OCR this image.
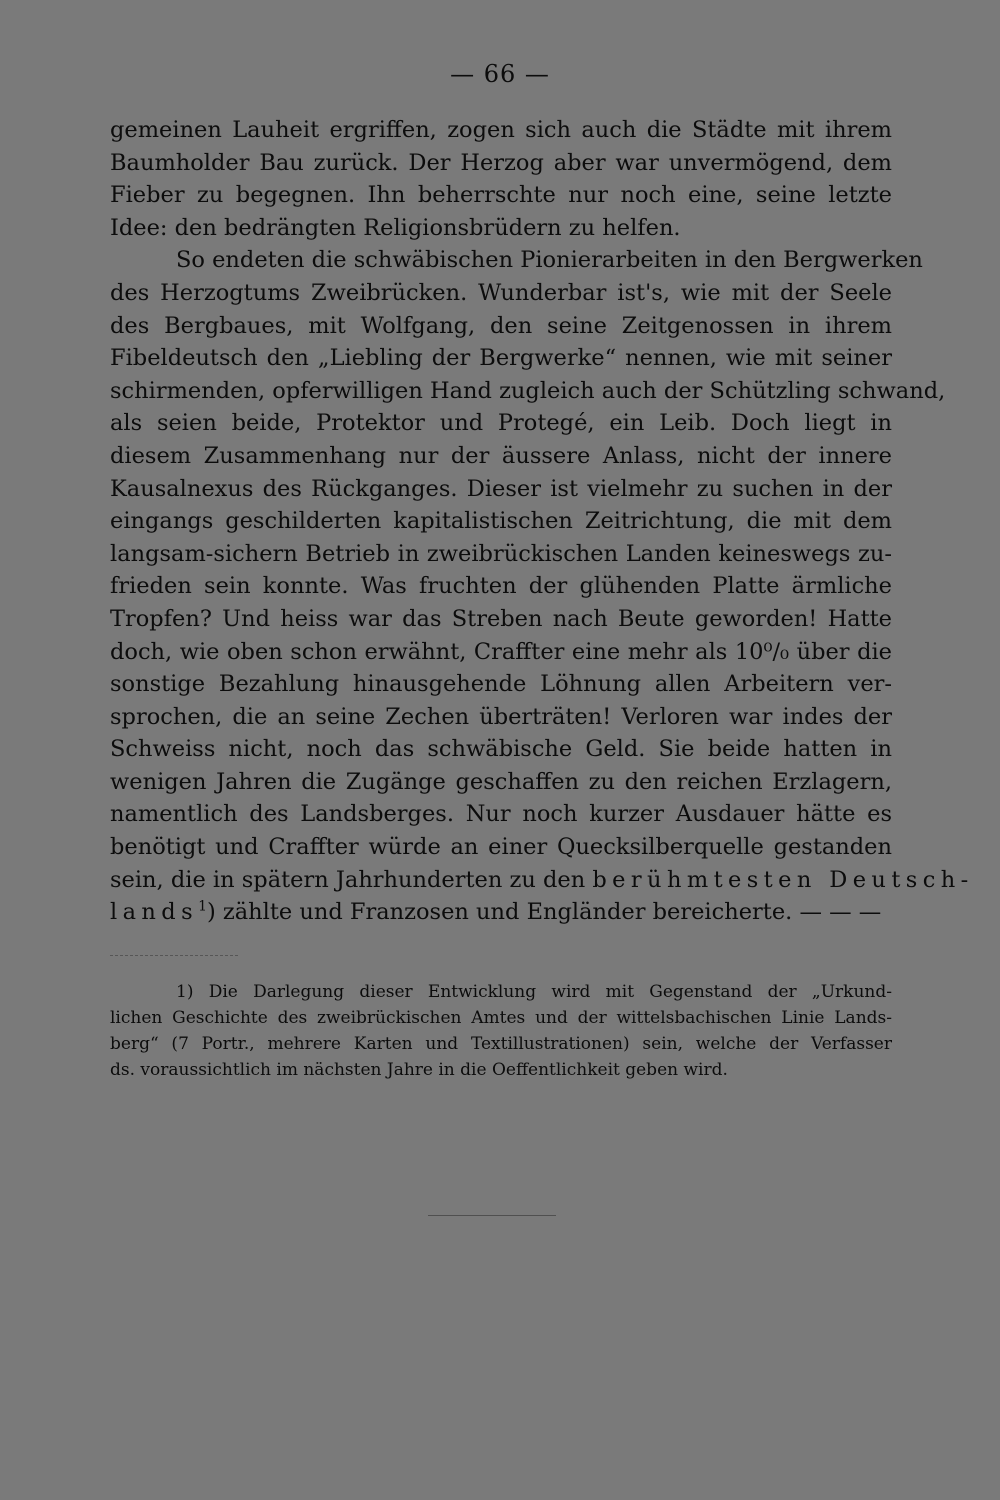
— 66 —
gemeinen Lauheit ergriffen, zogen sich auch die Städte mit ihrem
Baumholder Bau zurück. Der Herzog aber war unvermögend, dem
Fieber zu begegnen. Ihn beherrschte nur noch eine, seine letzte
Idee: den bedrängten Religionsbrüdern zu helfen.
So endeten die schwäbischen Pionierarbeiten in den Bergwerken
des Herzogtums Zweibrücken. Wunderbar ist's, wie mit der Seele
des Bergbaues, mit Wolfgang, den seine Zeitgenossen in ihrem
Fibeldeutsch den „Liebling der Bergwerke“ nennen, wie mit seiner
schirmenden, opferwilligen Hand zugleich auch der Schützling schwand,
als seien beide, Protektor und Protegé, ein Leib. Doch liegt in
diesem Zusammenhang nur der äussere Anlass, nicht der innere
Kausalnexus des Rückganges. Dieser ist vielmehr zu suchen in der
eingangs geschilderten kapitalistischen Zeitrichtung, die mit dem
langsam-sichern Betrieb in zweibrückischen Landen keineswegs zu-
frieden sein konnte. Was fruchten der glühenden Platte ärmliche
Tropfen? Und heiss war das Streben nach Beute geworden! Hatte
doch, wie oben schon erwähnt, Craffter eine mehr als 10⁰/₀ über die
sonstige Bezahlung hinausgehende Löhnung allen Arbeitern ver-
sprochen, die an seine Zechen überträten! Verloren war indes der
Schweiss nicht, noch das schwäbische Geld. Sie beide hatten in
wenigen Jahren die Zugänge geschaffen zu den reichen Erzlagern,
namentlich des Landsberges. Nur noch kurzer Ausdauer hätte es
benötigt und Craffter würde an einer Quecksilberquelle gestanden
sein, die in spätern Jahrhunderten zu den berühmtesten Deutsch-
lands$^1$) zählte und Franzosen und Engländer bereicherte. — — —
1) Die Darlegung dieser Entwicklung wird mit Gegenstand der „Urkund-
lichen Geschichte des zweibrückischen Amtes und der wittelsbachischen Linie Lands-
berg“ (7 Portr., mehrere Karten und Textillustrationen) sein, welche der Verfasser
ds. voraussichtlich im nächsten Jahre in die Oeffentlichkeit geben wird.
